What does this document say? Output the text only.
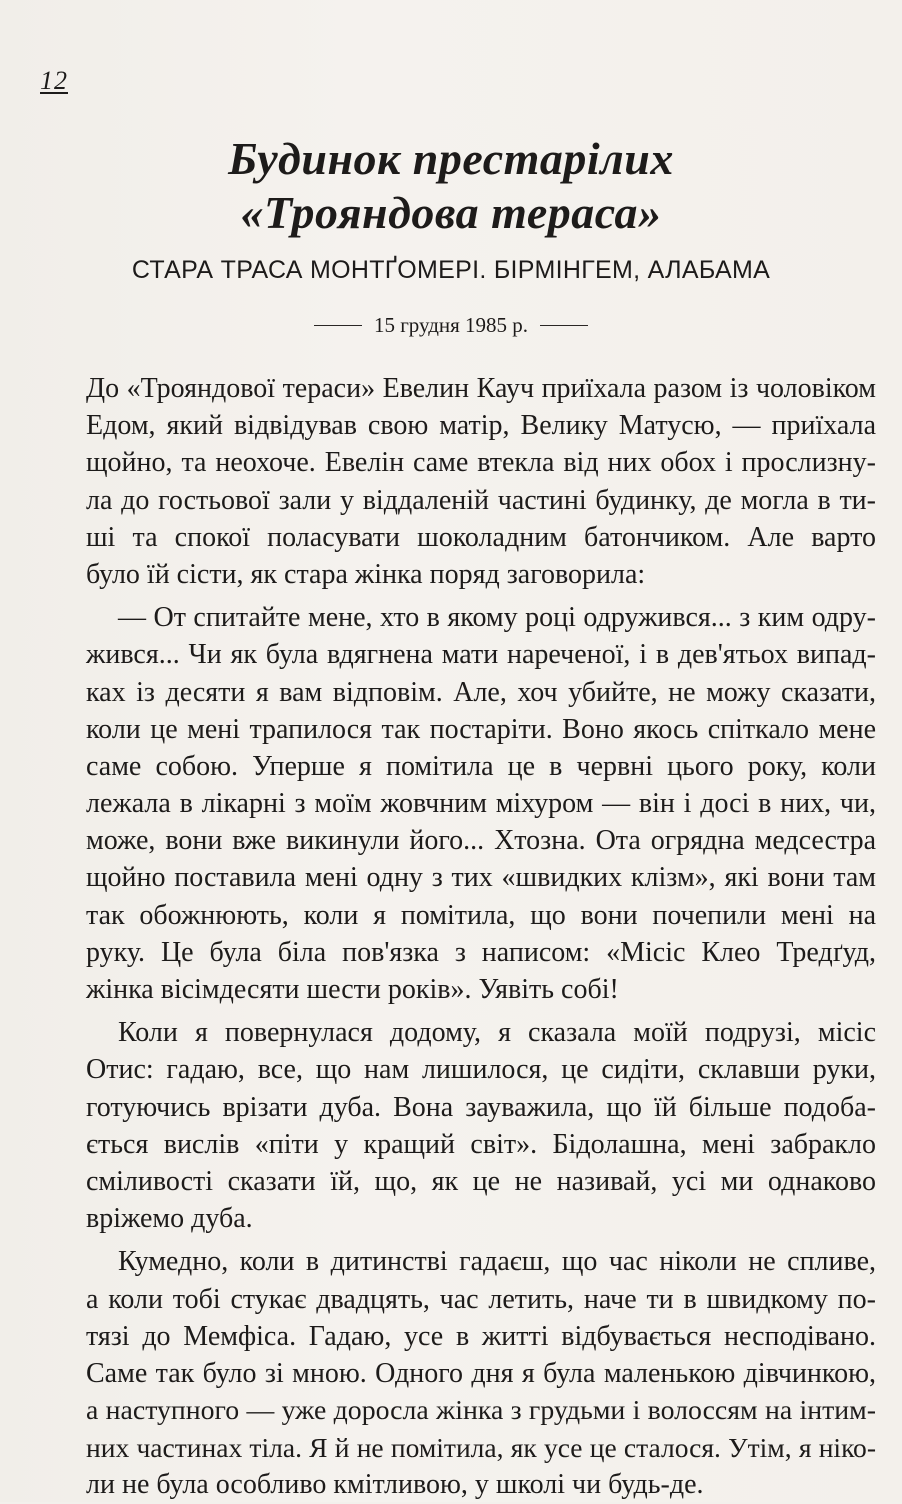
12
Будинок престарілих
«Трояндова тераса»
СТАРА ТРАСА МОНТҐОМЕРІ. БІРМІНГЕМ, АЛАБАМА
15 грудня 1985 р.
До «Трояндової тераси» Евелин Кауч приїхала разом із чоловіком
Едом, який відвідував свою матір, Велику Матусю, — приїхала
щойно, та неохоче. Евелін саме втекла від них обох і прослизну-
ла до гостьової зали у віддаленій частині будинку, де могла в ти-
ші та спокої поласувати шоколадним батончиком. Але варто
було їй сісти, як стара жінка поряд заговорила:
— От спитайте мене, хто в якому році одружився... з ким одру-
жився... Чи як була вдягнена мати нареченої, і в дев'ятьох випад-
ках із десяти я вам відповім. Але, хоч убийте, не можу сказати,
коли це мені трапилося так постаріти. Воно якось спіткало мене
саме собою. Уперше я помітила це в червні цього року, коли
лежала в лікарні з моїм жовчним міхуром — він і досі в них, чи,
може, вони вже викинули його... Хтозна. Ота огрядна медсестра
щойно поставила мені одну з тих «швидких клізм», які вони там
так обожнюють, коли я помітила, що вони почепили мені на
руку. Це була біла пов'язка з написом: «Місіс Клео Тредґуд,
жінка вісімдесяти шести років». Уявіть собі!
Коли я повернулася додому, я сказала моїй подрузі, місіс
Отис: гадаю, все, що нам лишилося, це сидіти, склавши руки,
готуючись врізати дуба. Вона зауважила, що їй більше подоба-
ється вислів «піти у кращий світ». Бідолашна, мені забракло
сміливості сказати їй, що, як це не називай, усі ми однаково
вріжемо дуба.
Кумедно, коли в дитинстві гадаєш, що час ніколи не спливе,
а коли тобі стукає двадцять, час летить, наче ти в швидкому по-
тязі до Мемфіса. Гадаю, усе в житті відбувається несподівано.
Саме так було зі мною. Одного дня я була маленькою дівчинкою,
а наступного — уже доросла жінка з грудьми і волоссям на інтим-
них частинах тіла. Я й не помітила, як усе це сталося. Утім, я ніко-
ли не була особливо кмітливою, у школі чи будь-де.
